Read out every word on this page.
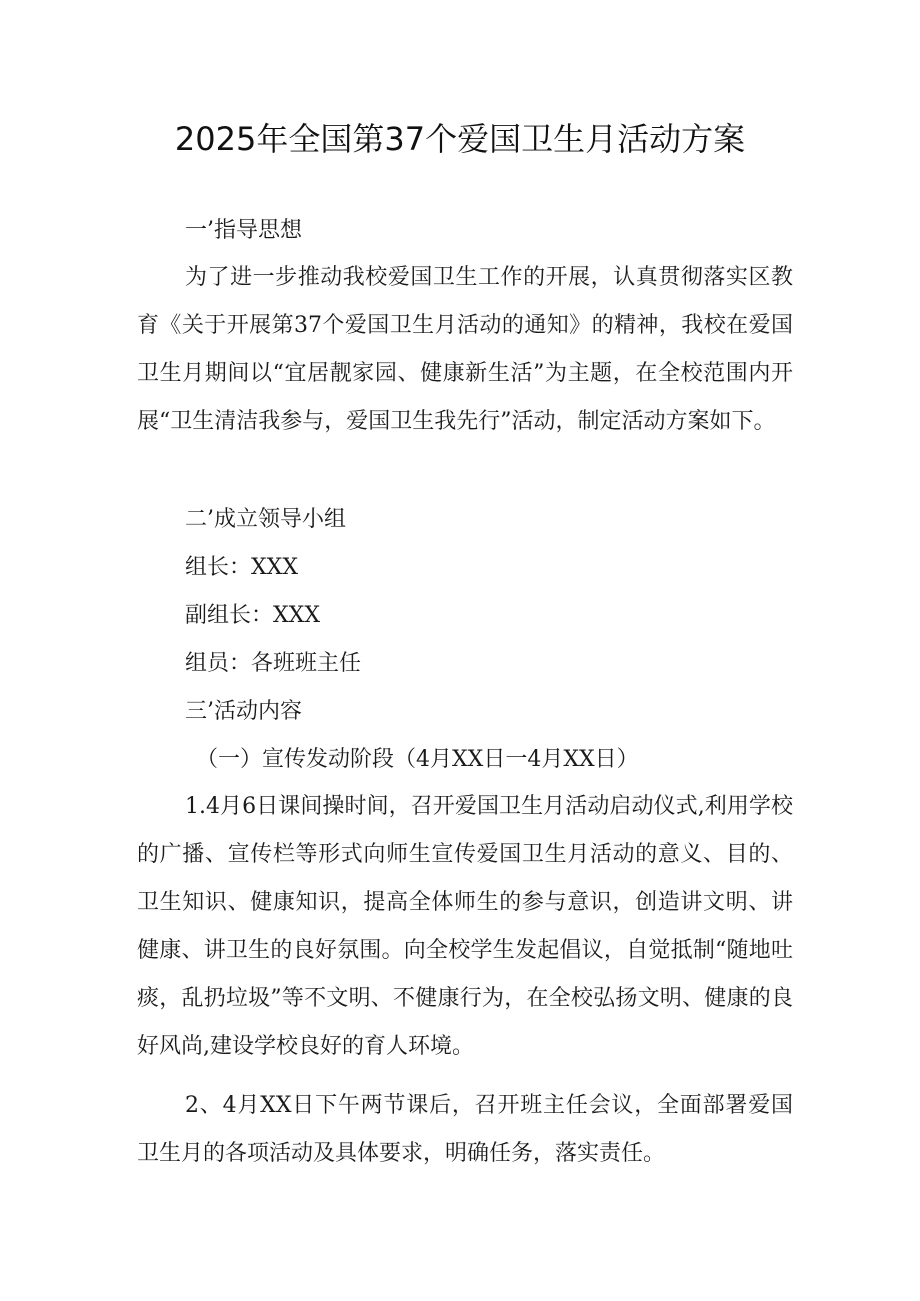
2025年全国第37个爱国卫生月活动方案
一’指导思想
为了进一步推动我校爱国卫生工作的开展，认真贯彻落实区教育《关于开展第37个爱国卫生月活动的通知》的精神，我校在爱国卫生月期间以“宜居靓家园、健康新生活”为主题，在全校范围内开展“卫生清洁我参与，爱国卫生我先行”活动，制定活动方案如下。
二’成立领导小组
组长：XXX
副组长：XXX
组员：各班班主任
三’活动内容
（一）宣传发动阶段（4月XX日一4月XX日）
1.4月6日课间操时间，召开爱国卫生月活动启动仪式,利用学校的广播、宣传栏等形式向师生宣传爱国卫生月活动的意义、目的、卫生知识、健康知识，提高全体师生的参与意识，创造讲文明、讲健康、讲卫生的良好氛围。向全校学生发起倡议，自觉抵制“随地吐痰，乱扔垃圾”等不文明、不健康行为，在全校弘扬文明、健康的良好风尚,建设学校良好的育人环境。
2、4月XX日下午两节课后，召开班主任会议，全面部署爱国卫生月的各项活动及具体要求，明确任务，落实责任。
